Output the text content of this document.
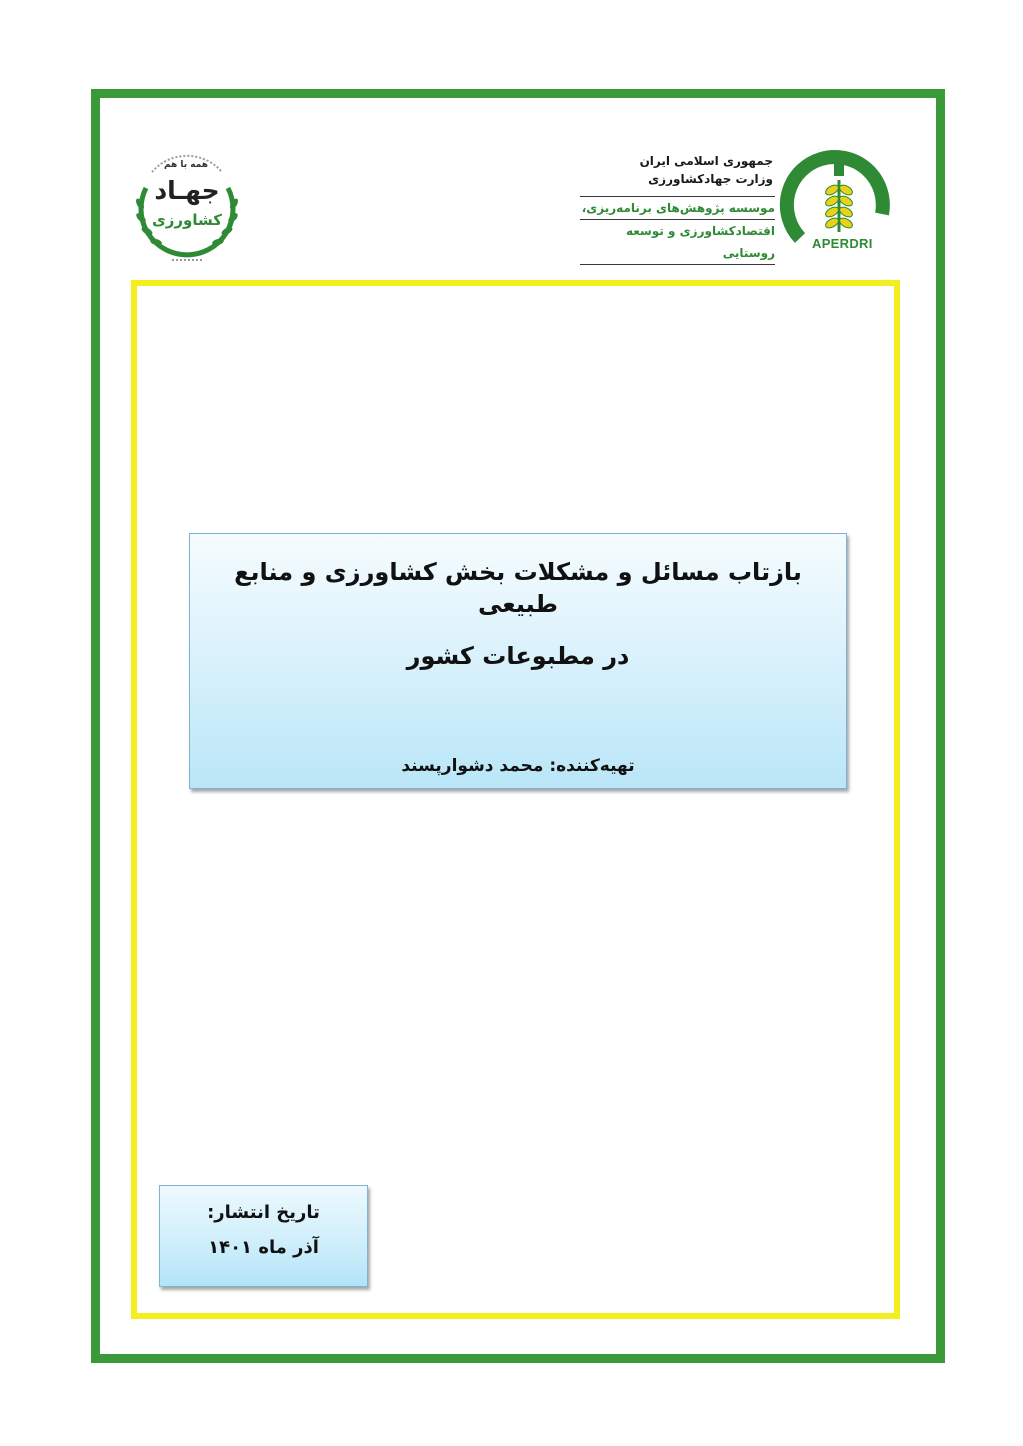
APERDRI
جمهوری اسلامی ایران
وزارت جهادکشاورزی
موسسه پژوهش‌های برنامه‌ریزی،
اقتصادکشاورزی و توسعه روستایی
همه با هم
جهـاد
کشاورزی
بازتاب مسائل و مشکلات بخش کشاورزی و منابع طبیعی
در مطبوعات کشور
تهیه‌کننده: محمد دشوارپسند
تاریخ انتشار:
آذر ماه ۱۴۰۱
